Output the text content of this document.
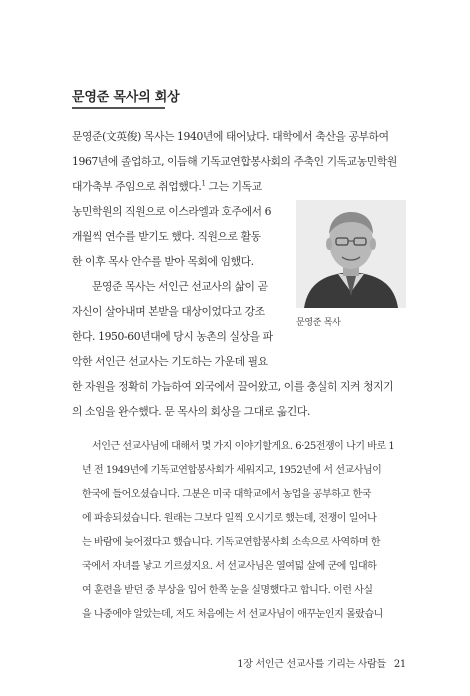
문영준 목사의 회상

문영준(文英俊) 목사는 1940년에 태어났다. 대학에서 축산을 공부하여

1967년에 졸업하고, 이듬해 기독교연합봉사회의 주축인 기독교농민학원

대가축부 주임으로 취업했다.$^1$ 그는 기독교

농민학원의 직원으로 이스라엘과 호주에서 6

개월씩 연수를 받기도 했다. 직원으로 활동

한 이후 목사 안수를 받아 목회에 임했다.

문영준 목사는 서인근 선교사의 삶이 곧

자신이 살아내며 본받을 대상이었다고 강조

한다. 1950-60년대에 당시 농촌의 실상을 파

악한 서인근 선교사는 기도하는 가운데 필요

한 자원을 정확히 가늠하여 외국에서 끌어왔고, 이를 충실히 지켜 청지기

의 소임을 완수했다. 문 목사의 회상을 그대로 옮긴다.

문영준 목사

서인근 선교사님에 대해서 몇 가지 이야기할게요. 6·25전쟁이 나기 바로 1

년 전 1949년에 기독교연합봉사회가 세워지고, 1952년에 서 선교사님이

한국에 들어오셨습니다. 그분은 미국 대학교에서 농업을 공부하고 한국

에 파송되셨습니다. 원래는 그보다 일찍 오시기로 했는데, 전쟁이 일어나

는 바람에 늦어졌다고 했습니다. 기독교연합봉사회 소속으로 사역하며 한

국에서 자녀를 낳고 기르셨지요. 서 선교사님은 열여덟 살에 군에 입대하

여 훈련을 받던 중 부상을 입어 한쪽 눈을 실명했다고 합니다. 이런 사실

을 나중에야 알았는데, 저도 처음에는 서 선교사님이 애꾸눈인지 몰랐습니

1장 서인근 선교사를 기리는 사람들 21
